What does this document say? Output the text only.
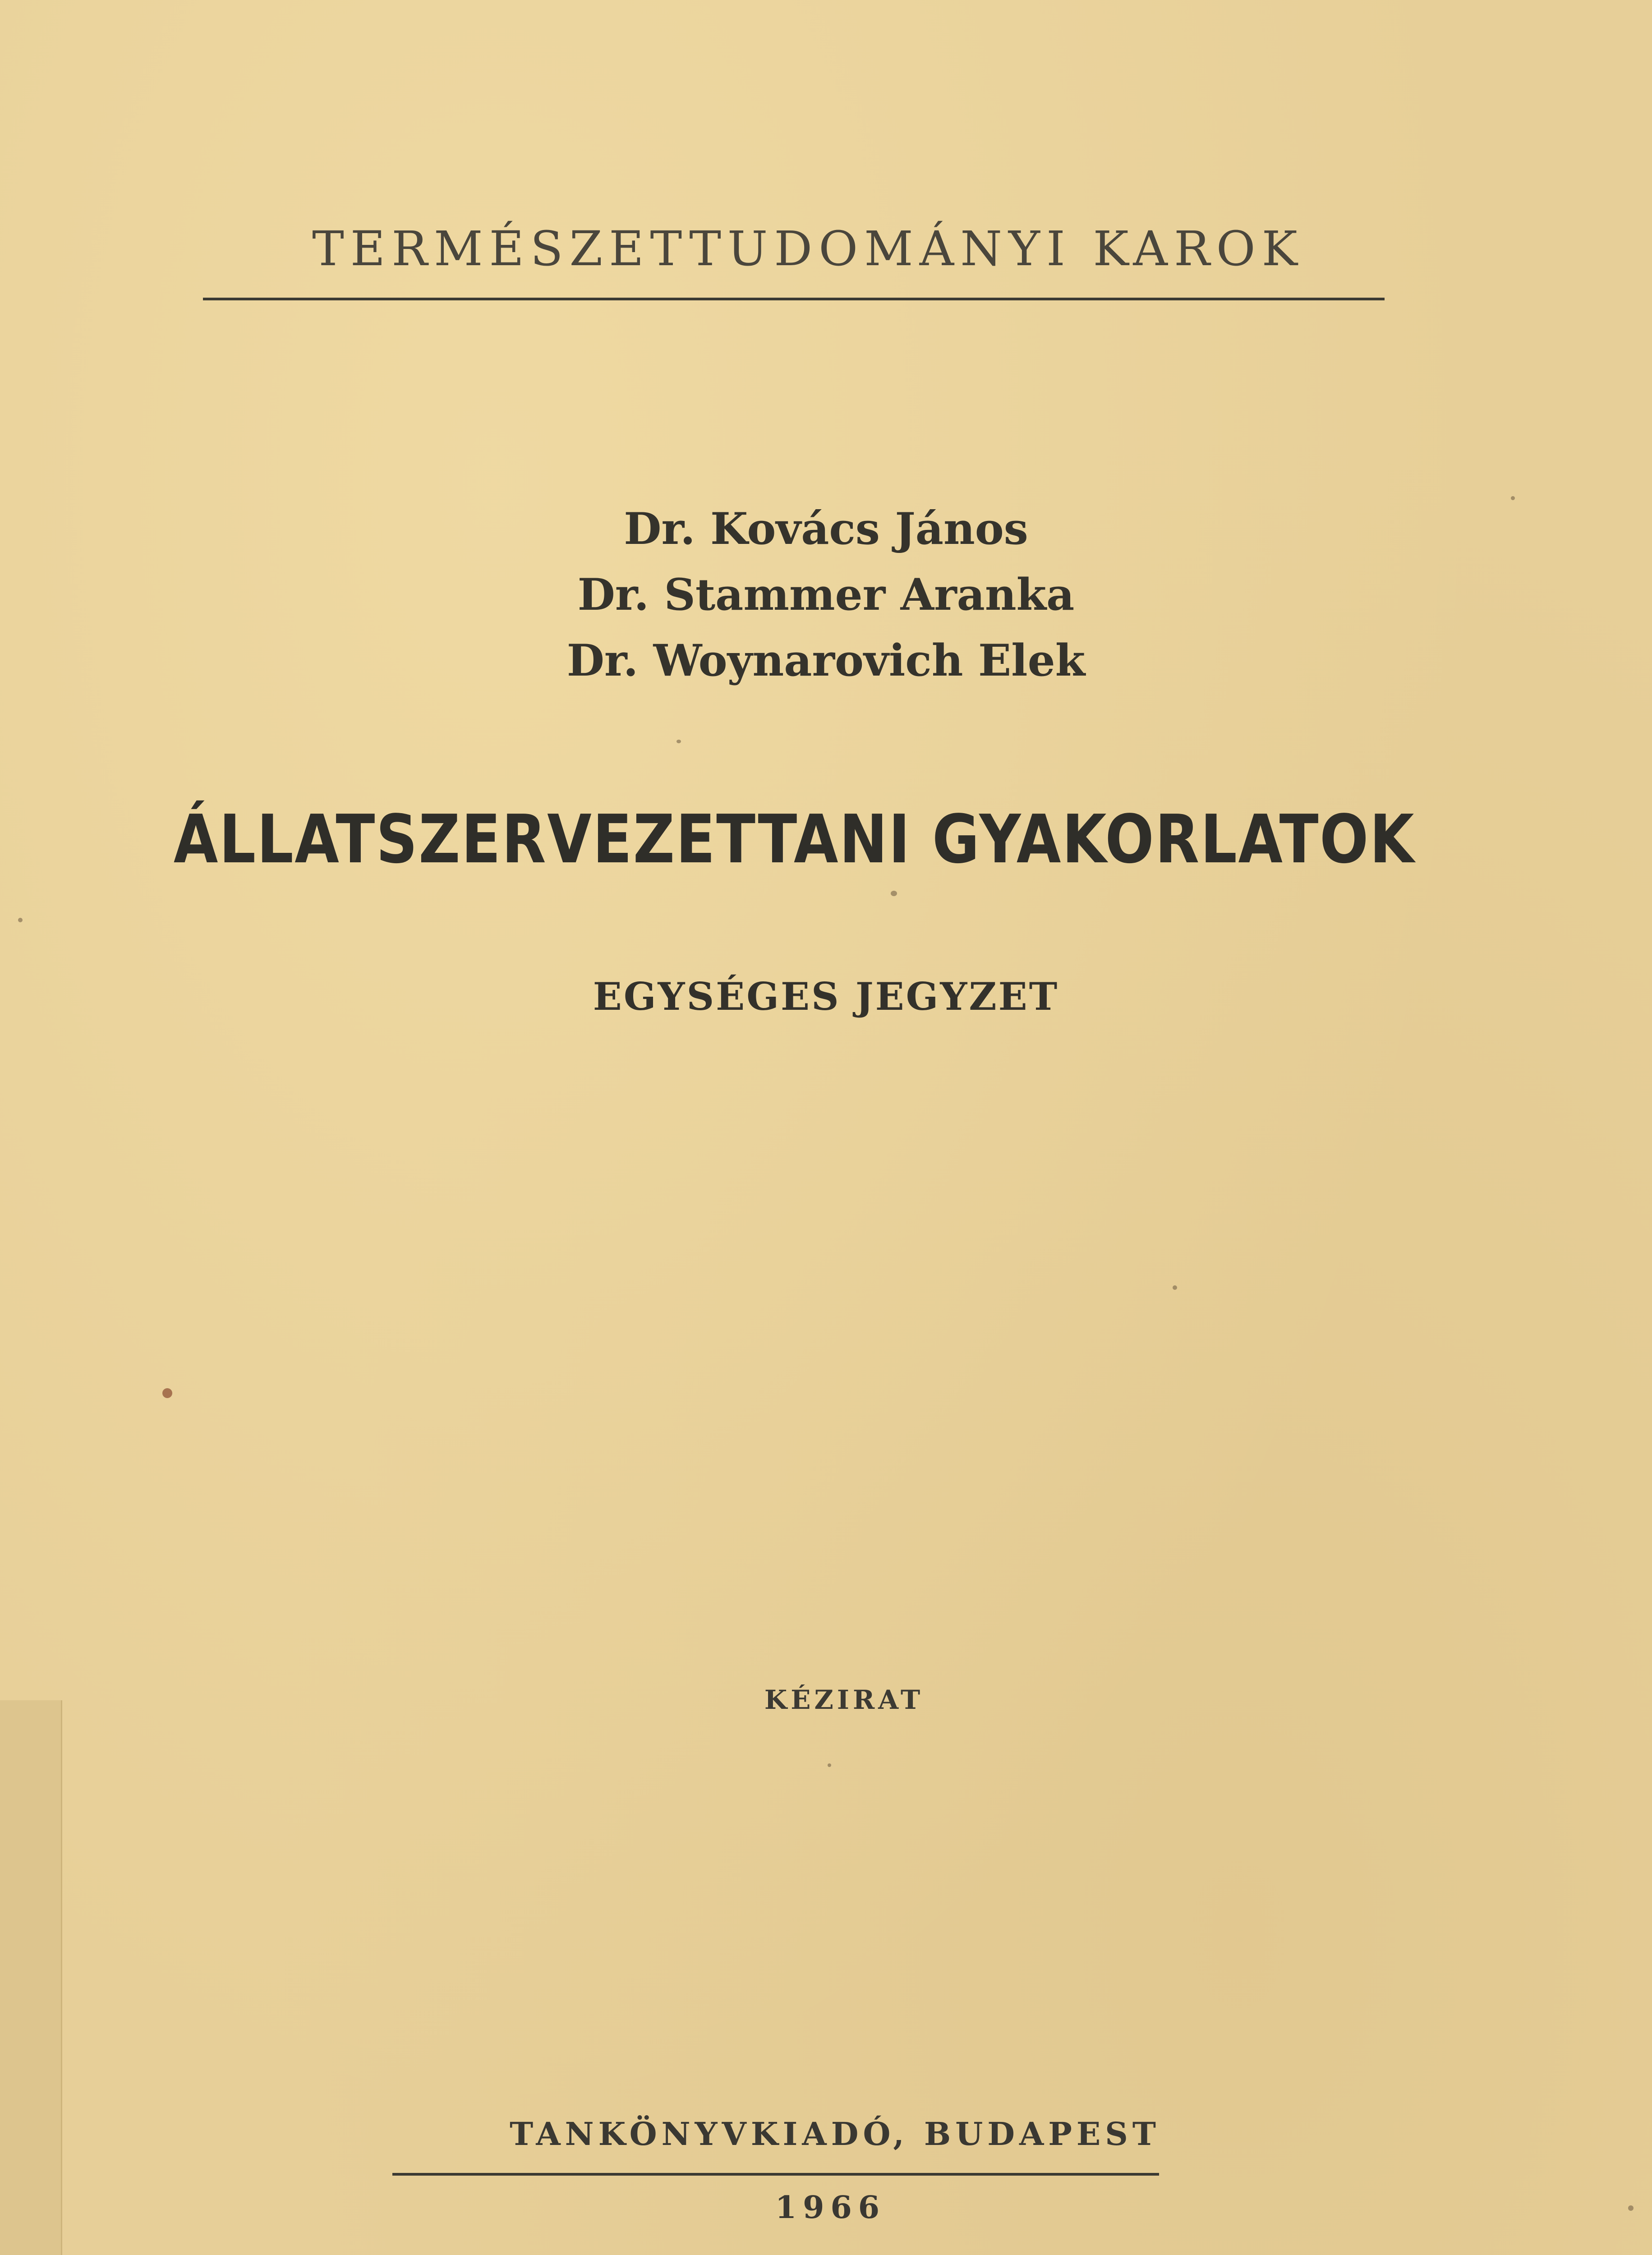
TERMÉSZETTUDOMÁNYI KAROK
Dr. Kovács János
Dr. Stammer Aranka
Dr. Woynarovich Elek
ÁLLATSZERVEZETTANI GYAKORLATOK
EGYSÉGES JEGYZET
KÉZIRAT
TANKÖNYVKIADÓ, BUDAPEST
1966
